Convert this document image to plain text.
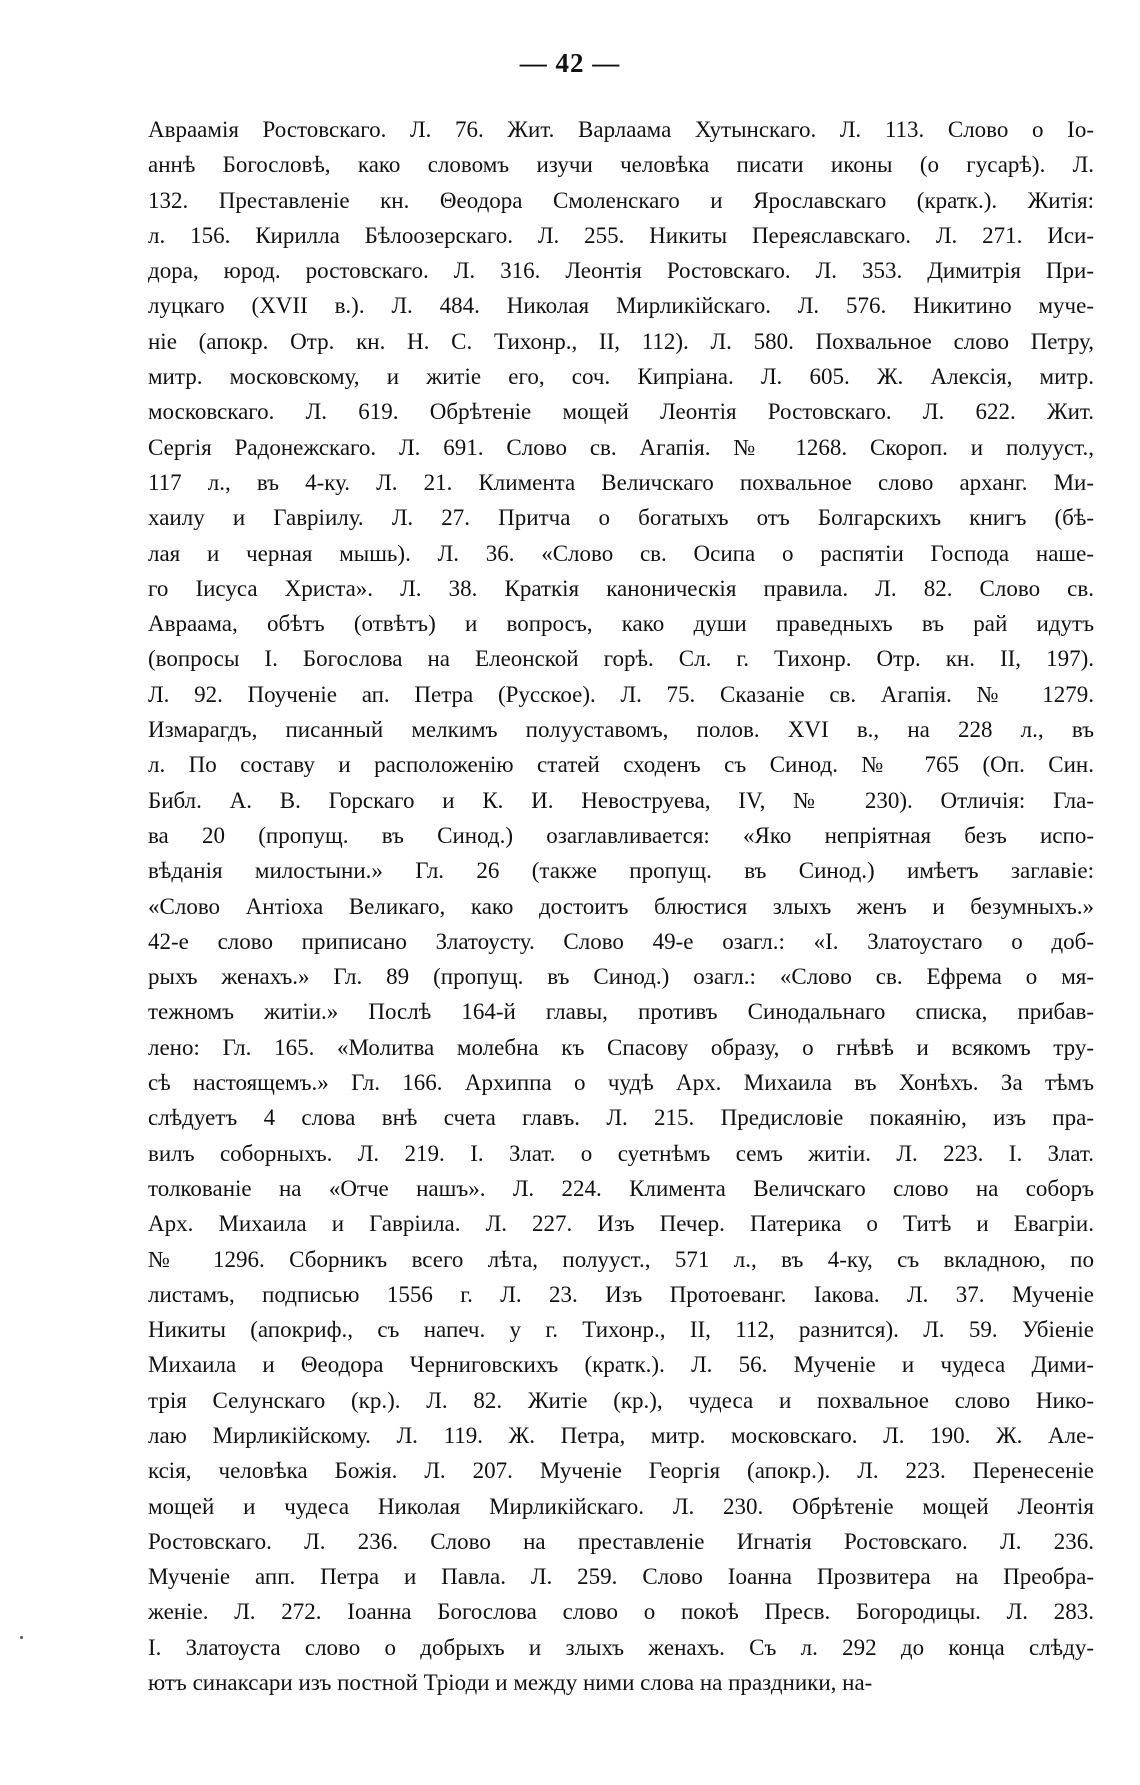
— 42 —
Авраамія Ростовскаго. Л. 76. Жит. Варлаама Хутынскаго. Л. 113. Слово о Іо-
аннѣ Богословѣ, како словомъ изучи человѣка писати иконы (о гусарѣ). Л.
132. Преставленіе кн. Θеодора Смоленскаго и Ярославскаго (кратк.). Житія:
л. 156. Кирилла Бѣлоозерскаго. Л. 255. Никиты Переяславскаго. Л. 271. Иси-
дора, юрод. ростовскаго. Л. 316. Леонтія Ростовскаго. Л. 353. Димитрія При-
луцкаго (XVII в.). Л. 484. Николая Мирликійскаго. Л. 576. Никитино муче-
ніе (апокр. Отр. кн. Н. С. Тихонр., II, 112). Л. 580. Похвальное слово Петру,
митр. московскому, и житіе его, соч. Кипріана. Л. 605. Ж. Алексія, митр.
московскаго. Л. 619. Обрѣтеніе мощей Леонтія Ростовскаго. Л. 622. Жит.
Сергія Радонежскаго. Л. 691. Слово св. Агапія. № 1268. Скороп. и полууст.,
117 л., въ 4-ку. Л. 21. Климента Величскаго похвальное слово арханг. Ми-
хаилу и Гавріилу. Л. 27. Притча о богатыхъ отъ Болгарскихъ книгъ (бѣ-
лая и черная мышь). Л. 36. «Слово св. Осипа о распятіи Господа наше-
го Іисуса Христа». Л. 38. Краткія каноническія правила. Л. 82. Слово св.
Авраама, обѣтъ (отвѣтъ) и вопросъ, како души праведныхъ въ рай идутъ
(вопросы І. Богослова на Елеонской горѣ. Сл. г. Тихонр. Отр. кн. II, 197).
Л. 92. Поученіе ап. Петра (Русское). Л. 75. Сказаніе св. Агапія. № 1279.
Измарагдъ, писанный мелкимъ полууставомъ, полов. XVI в., на 228 л., въ
л. По составу и расположенію статей сходенъ съ Синод. № 765 (Оп. Син.
Библ. А. В. Горскаго и К. И. Невоструева, IV, № 230). Отличія: Гла-
ва 20 (пропущ. въ Синод.) озаглавливается: «Яко непріятная безъ испо-
вѣданія милостыни.» Гл. 26 (также пропущ. въ Синод.) имѣетъ заглавіе:
«Слово Антіоха Великаго, како достоитъ блюстися злыхъ женъ и безумныхъ.»
42-е слово приписано Златоусту. Слово 49-е озагл.: «І. Златоустаго о доб-
рыхъ женахъ.» Гл. 89 (пропущ. въ Синод.) озагл.: «Слово св. Ефрема о мя-
тежномъ житіи.» Послѣ 164-й главы, противъ Синодальнаго списка, прибав-
лено: Гл. 165. «Молитва молебна къ Спасову образу, о гнѣвѣ и всякомъ тру-
сѣ настоящемъ.» Гл. 166. Архиппа о чудѣ Арх. Михаила въ Хонѣхъ. За тѣмъ
слѣдуетъ 4 слова внѣ счета главъ. Л. 215. Предисловіе покаянію, изъ пра-
вилъ соборныхъ. Л. 219. І. Злат. о суетнѣмъ семъ житіи. Л. 223. І. Злат.
толкованіе на «Отче нашъ». Л. 224. Климента Величскаго слово на соборъ
Арх. Михаила и Гавріила. Л. 227. Изъ Печер. Патерика о Титѣ и Евагріи.
№ 1296. Сборникъ всего лѣта, полууст., 571 л., въ 4-ку, съ вкладною, по
листамъ, подписью 1556 г. Л. 23. Изъ Протоеванг. Іакова. Л. 37. Мученіе
Никиты (апокриф., съ напеч. у г. Тихонр., II, 112, разнится). Л. 59. Убіеніе
Михаила и Θеодора Черниговскихъ (кратк.). Л. 56. Мученіе и чудеса Дими-
трія Селунскаго (кр.). Л. 82. Житіе (кр.), чудеса и похвальное слово Нико-
лаю Мирликійскому. Л. 119. Ж. Петра, митр. московскаго. Л. 190. Ж. Але-
ксія, человѣка Божія. Л. 207. Мученіе Георгія (апокр.). Л. 223. Перенесеніе
мощей и чудеса Николая Мирликійскаго. Л. 230. Обрѣтеніе мощей Леонтія
Ростовскаго. Л. 236. Слово на преставленіе Игнатія Ростовскаго. Л. 236.
Мученіе апп. Петра и Павла. Л. 259. Слово Іоанна Прозвитера на Преобра-
женіе. Л. 272. Іоанна Богослова слово о покоѣ Пресв. Богородицы. Л. 283.
І. Златоуста слово о добрыхъ и злыхъ женахъ. Съ л. 292 до конца слѣду-
ютъ синаксари изъ постной Тріоди и между ними слова на праздники, на-
